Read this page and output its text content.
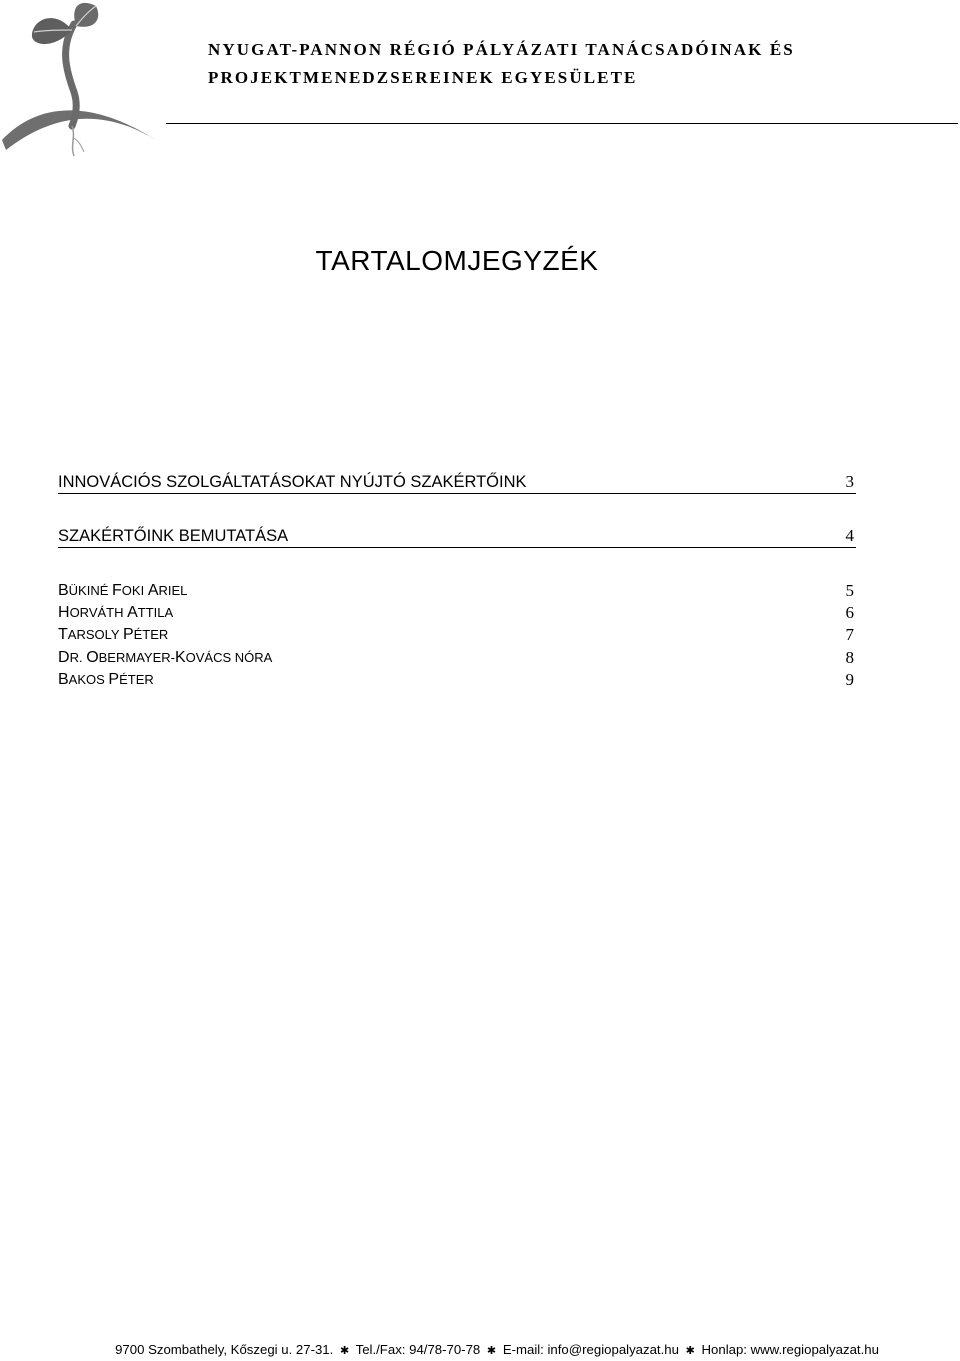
NYUGAT-PANNON RÉGIÓ PÁLYÁZATI TANÁCSADÓINAK ÉS
PROJEKTMENEDZSEREINEK EGYESÜLETE
TARTALOMJEGYZÉK
INNOVÁCIÓS SZOLGÁLTATÁSOKAT NYÚJTÓ SZAKÉRTŐINK	3
SZAKÉRTŐINK BEMUTATÁSA	4
BÜKINÉ FOKI ARIEL	5
HORVÁTH ATTILA	6
TARSOLY PÉTER	7
DR. OBERMAYER-KOVÁCS NÓRA	8
BAKOS PÉTER	9
9700 Szombathely, Kőszegi u. 27-31. ✱ Tel./Fax: 94/78-70-78 ✱ E-mail: info@regiopalyazat.hu ✱ Honlap: www.regiopalyazat.hu
